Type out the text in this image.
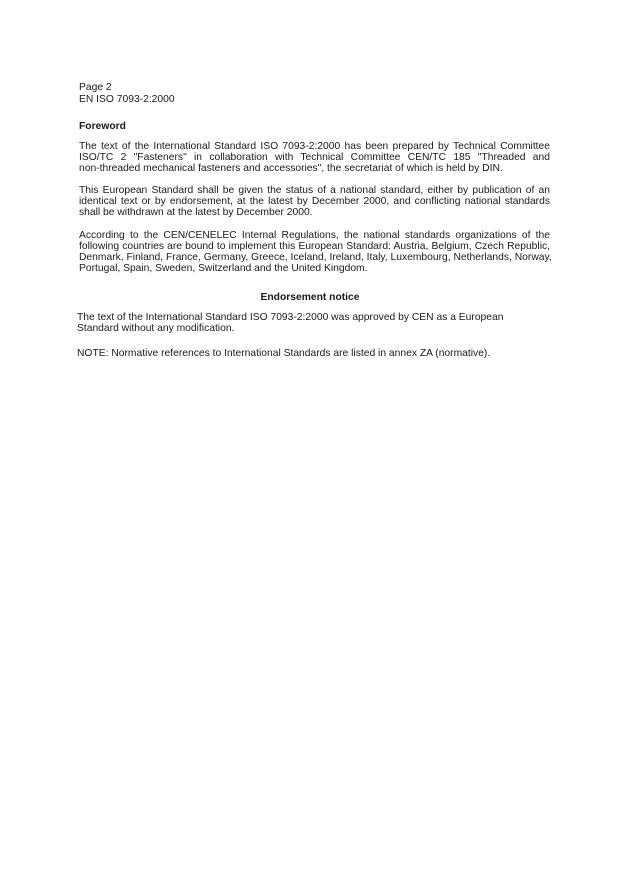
Page 2
EN ISO 7093-2:2000
Foreword
The text of the International Standard ISO 7093-2:2000 has been prepared by Technical Committee
ISO/TC 2 "Fasteners" in collaboration with Technical Committee CEN/TC 185 "Threaded and
non-threaded mechanical fasteners and accessories", the secretariat of which is held by DIN.
This European Standard shall be given the status of a national standard, either by publication of an
identical text or by endorsement, at the latest by December 2000, and conflicting national standards
shall be withdrawn at the latest by December 2000.
According to the CEN/CENELEC Internal Regulations, the national standards organizations of the
following countries are bound to implement this European Standard: Austria, Belgium, Czech Republic,
Denmark, Finland, France, Germany, Greece, Iceland, Ireland, Italy, Luxembourg, Netherlands, Norway,
Portugal, Spain, Sweden, Switzerland and the United Kingdom.
Endorsement notice
The text of the International Standard ISO 7093-2:2000 was approved by CEN as a European
Standard without any modification.
NOTE: Normative references to International Standards are listed in annex ZA (normative).
